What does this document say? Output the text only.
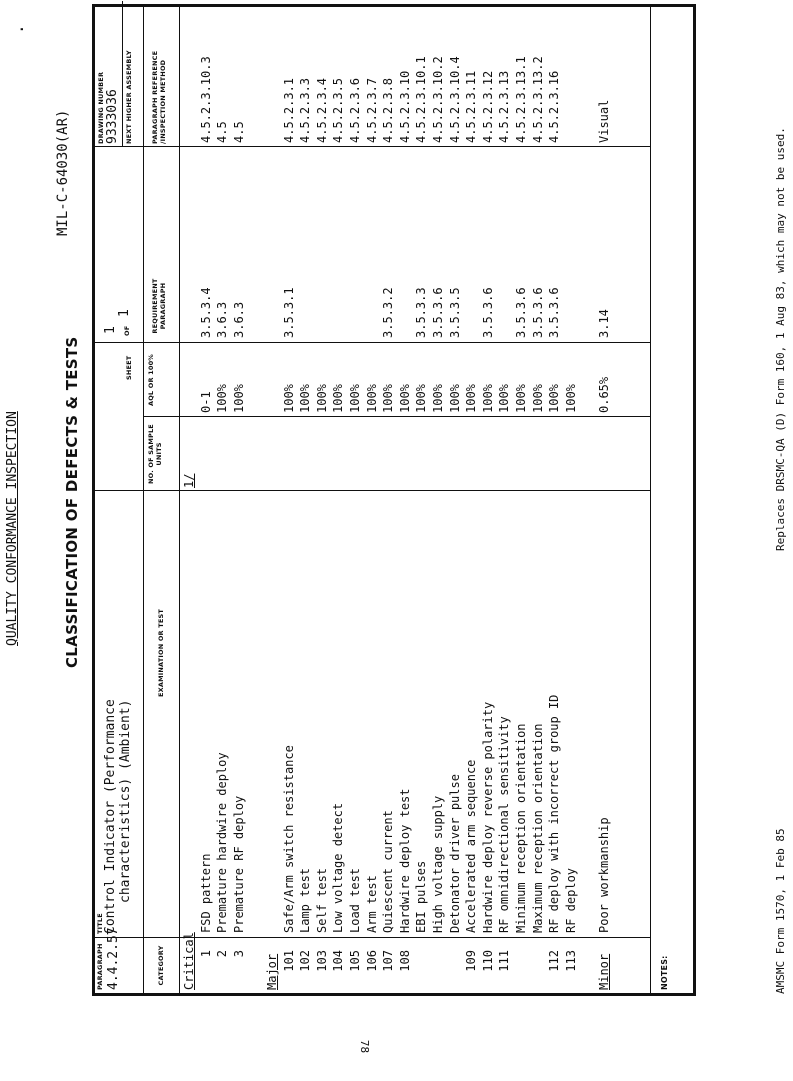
.
QUALITY CONFORMANCE INSPECTION	CLASSIFICATION OF DEFECTS & TESTS
MIL-C-64030(AR)
PARAGRAPH 4.4.2.57
TITLE Control Indicator (Performance characteristics) (Ambient)
SHEET
1 OF
1
DRAWING NUMBER 9333036 NEXT HIGHER ASSEMBLY
CATEGORY
EXAMINATION OR TEST
NO. OF SAMPLE UNITS
AQL OR 100%
REQUIREMENT PARAGRAPH
PARAGRAPH REFERENCE /INSPECTION METHOD
Critical
1/
1
FSD pattern
0-1
3.5.3.4
4.5.2.3.10.3
2
Premature hardwire deploy
100%
3.6.3
4.5
3
Premature RF deploy
100%
3.6.3
4.5
Major 101
Safe/Arm switch resistance
100%
3.5.3.1
4.5.2.3.1
102
Lamp test
100%
4.5.2.3.3
103
Self test
100%
4.5.2.3.4
104
Low voltage detect
100%
4.5.2.3.5
105
Load test
100%
4.5.2.3.6
106
Arm test
100%
4.5.2.3.7
107
Quiescent current
100%
3.5.3.2
4.5.2.3.8
108
Hardwire deploy test
100%
4.5.2.3.10
EBI pulses
100%
3.5.3.3
4.5.2.3.10.1
High voltage supply
100%
3.5.3.6
4.5.2.3.10.2
Detonator driver pulse
100%
3.5.3.5
4.5.2.3.10.4
109
Accelerated arm sequence
100%
4.5.2.3.11
110
Hardwire deploy reverse polarity
100%
3.5.3.6
4.5.2.3.12
111
RF omnidirectional sensitivity
100%
4.5.2.3.13
Minimum reception orientation
100%
3.5.3.6
4.5.2.3.13.1
Maximum reception orientation
100%
3.5.3.6
4.5.2.3.13.2
112
RF deploy with incorrect group ID
100%
3.5.3.6
4.5.2.3.16
113
RF deploy
100%
Minor
Poor workmanship
0.65%
3.14
Visual
NOTES:	AMSMC Form 1570, 1 Feb 85
Replaces DRSMC-QA (D) Form 160, 1 Aug 83, which may not be used.
78
